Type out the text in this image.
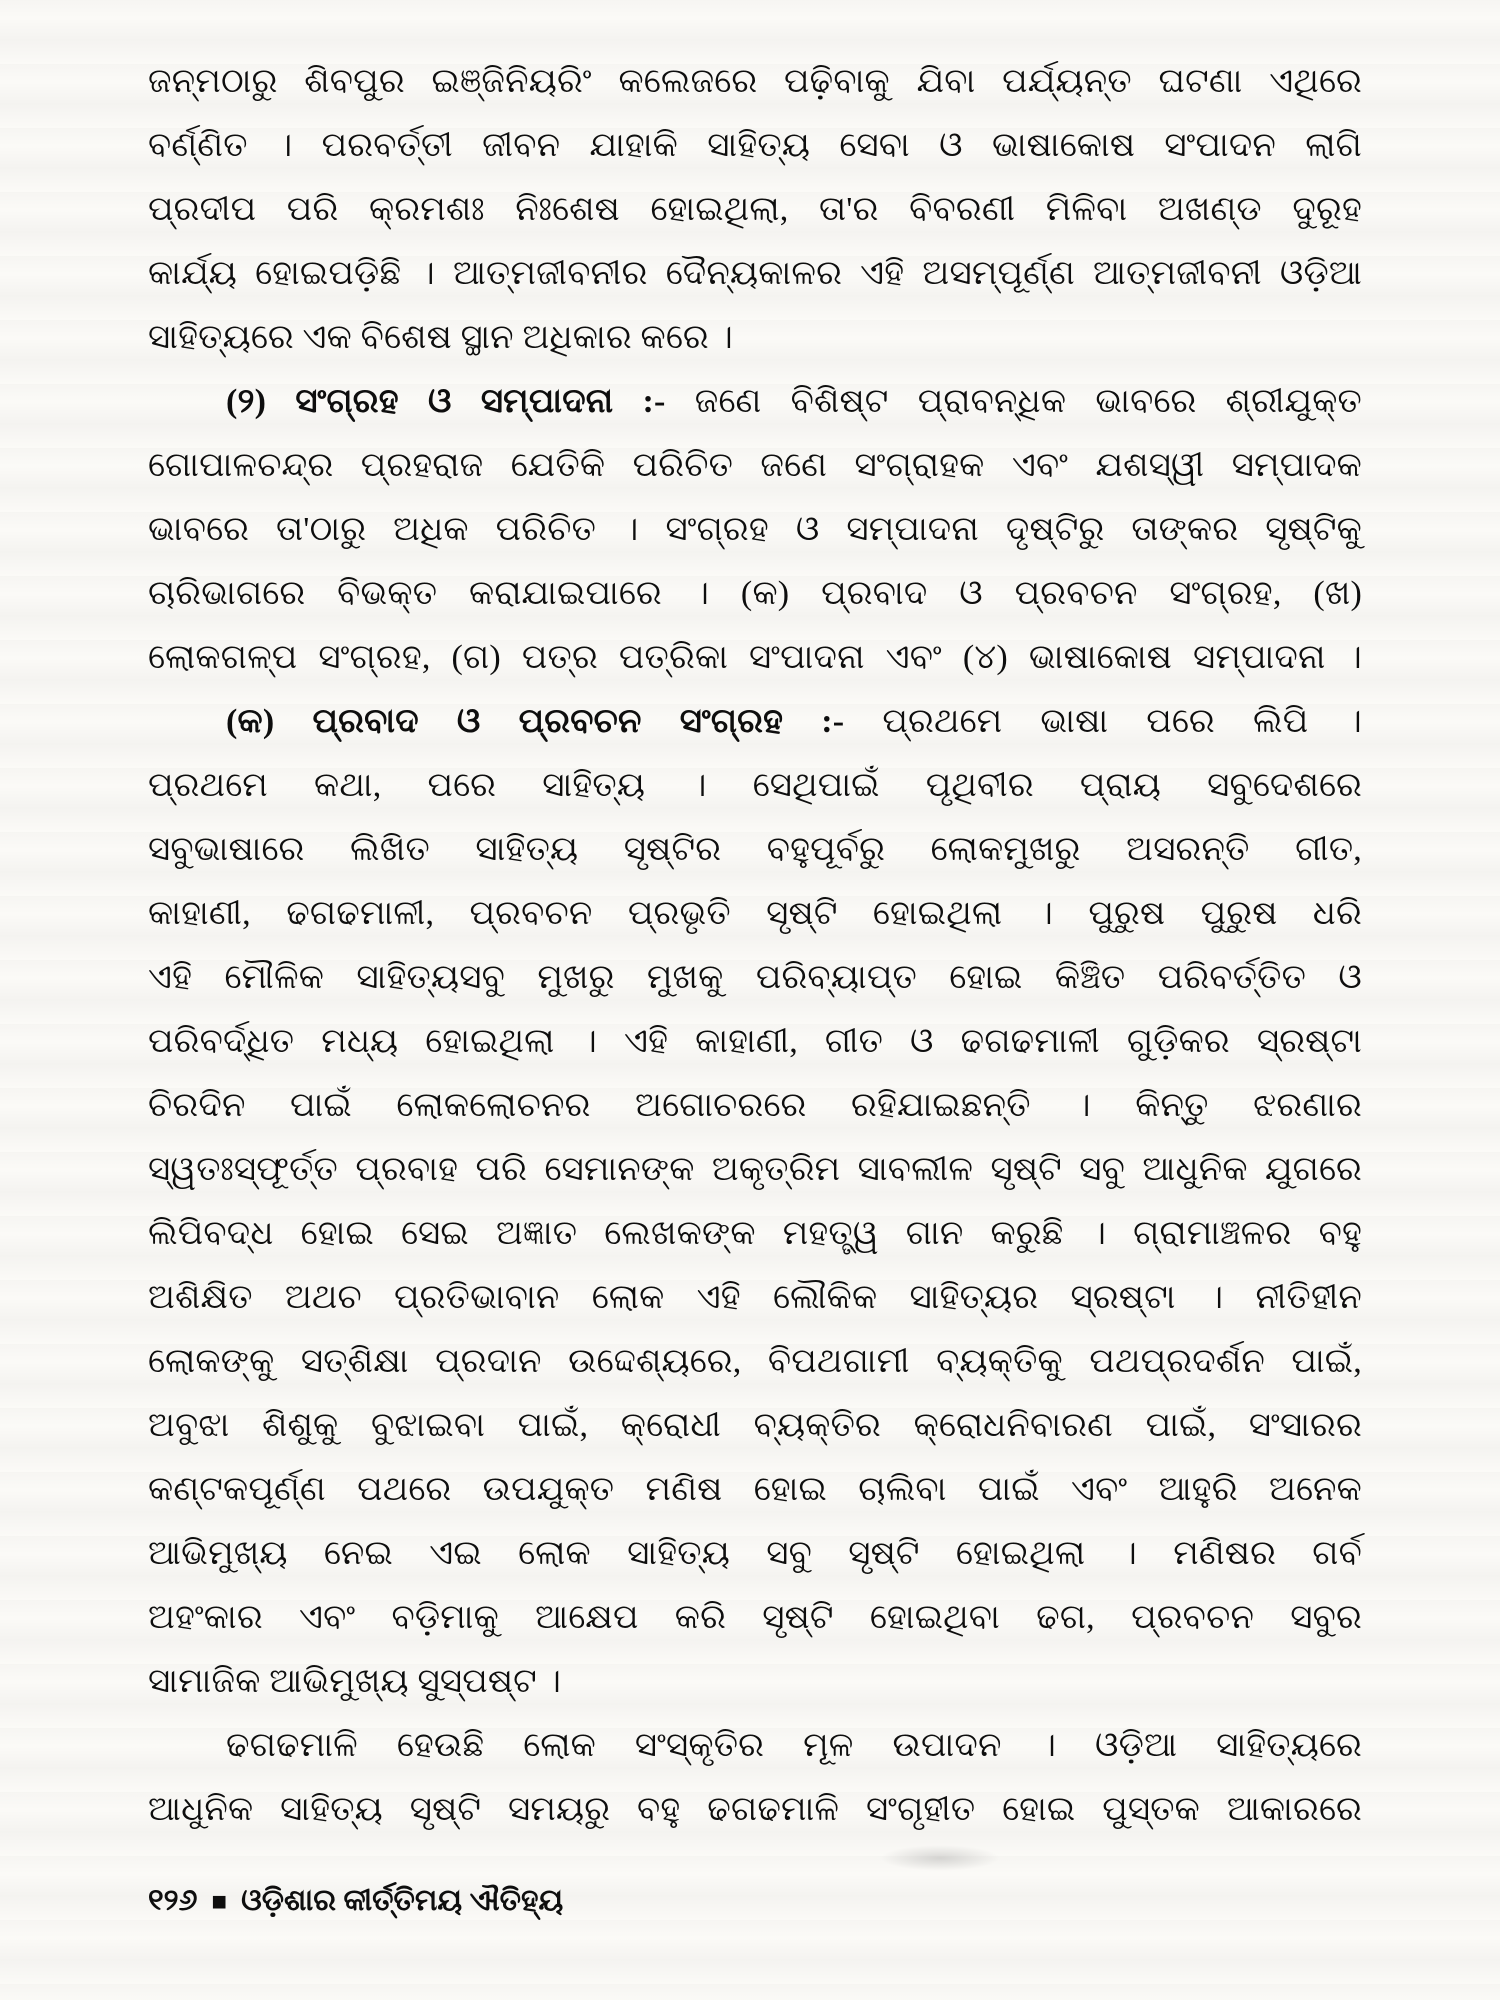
ଜନ୍ମଠାରୁ ଶିବପୁର ଇଞ୍ଜିନିୟରିଂ କଲେଜରେ ପଢ଼ିବାକୁ ଯିବା ପର୍ଯ୍ୟନ୍ତ ଘଟଣା ଏଥିରେ
ବର୍ଣ୍ଣିତ । ପରବର୍ତ୍ତୀ ଜୀବନ ଯାହାକି ସାହିତ୍ୟ ସେବା ଓ ଭାଷାକୋଷ ସଂପାଦନ ଲାଗି
ପ୍ରଦୀପ ପରି କ୍ରମଶଃ ନିଃଶେଷ ହୋଇଥିଲା, ତା'ର ବିବରଣୀ ମିଳିବା ଅଖଣ୍ଡ ଦୁରୂହ
କାର୍ଯ୍ୟ ହୋଇପଡ଼ିଛି । ଆତ୍ମଜୀବନୀର ଦୈନ୍ୟକାଳର ଏହି ଅସମ୍ପୂର୍ଣ୍ଣ ଆତ୍ମଜୀବନୀ ଓଡ଼ିଆ
ସାହିତ୍ୟରେ ଏକ ବିଶେଷ ସ୍ଥାନ ଅଧିକାର କରେ ।
(୨) ସଂଗ୍ରହ ଓ ସମ୍ପାଦନା :- ଜଣେ ବିଶିଷ୍ଟ ପ୍ରାବନ୍ଧିକ ଭାବରେ ଶ୍ରୀଯୁକ୍ତ
ଗୋପାଳଚନ୍ଦ୍ର ପ୍ରହରାଜ ଯେତିକି ପରିଚିତ ଜଣେ ସଂଗ୍ରାହକ ଏବଂ ଯଶସ୍ୱୀ ସମ୍ପାଦକ
ଭାବରେ ତା'ଠାରୁ ଅଧିକ ପରିଚିତ । ସଂଗ୍ରହ ଓ ସମ୍ପାଦନା ଦୃଷ୍ଟିରୁ ତାଙ୍କର ସୃଷ୍ଟିକୁ
ଚାରିଭାଗରେ ବିଭକ୍ତ କରାଯାଇପାରେ । (କ) ପ୍ରବାଦ ଓ ପ୍ରବଚନ ସଂଗ୍ରହ, (ଖ)
ଲୋକଗଳ୍ପ ସଂଗ୍ରହ, (ଗ) ପତ୍ର ପତ୍ରିକା ସଂପାଦନା ଏବଂ (୪) ଭାଷାକୋଷ ସମ୍ପାଦନା ।
(କ) ପ୍ରବାଦ ଓ ପ୍ରବଚନ ସଂଗ୍ରହ :- ପ୍ରଥମେ ଭାଷା ପରେ ଲିପି ।
ପ୍ରଥମେ କଥା, ପରେ ସାହିତ୍ୟ । ସେଥିପାଇଁ ପୃଥିବୀର ପ୍ରାୟ ସବୁଦେଶରେ
ସବୁଭାଷାରେ ଲିଖିତ ସାହିତ୍ୟ ସୃଷ୍ଟିର ବହୁପୂର୍ବରୁ ଲୋକମୁଖରୁ ଅସରନ୍ତି ଗୀତ,
କାହାଣୀ, ଢଗଢମାଳୀ, ପ୍ରବଚନ ପ୍ରଭୃତି ସୃଷ୍ଟି ହୋଇଥିଲା । ପୁରୁଷ ପୁରୁଷ ଧରି
ଏହି ମୌଳିକ ସାହିତ୍ୟସବୁ ମୁଖରୁ ମୁଖକୁ ପରିବ୍ୟାପ୍ତ ହୋଇ କିଞ୍ଚିତ ପରିବର୍ତ୍ତିତ ଓ
ପରିବର୍ଦ୍ଧିତ ମଧ୍ୟ ହୋଇଥିଲା । ଏହି କାହାଣୀ, ଗୀତ ଓ ଢଗଢମାଳୀ ଗୁଡ଼ିକର ସ୍ରଷ୍ଟା
ଚିରଦିନ ପାଇଁ ଲୋକଲୋଚନର ଅଗୋଚରରେ ରହିଯାଇଛନ୍ତି । କିନ୍ତୁ ଝରଣାର
ସ୍ୱତଃସ୍ଫୂର୍ତ୍ତ ପ୍ରବାହ ପରି ସେମାନଙ୍କ ଅକୃତ୍ରିମ ସାବଲୀଳ ସୃଷ୍ଟି ସବୁ ଆଧୁନିକ ଯୁଗରେ
ଲିପିବଦ୍ଧ ହୋଇ ସେଇ ଅଜ୍ଞାତ ଲେଖକଙ୍କ ମହତ୍ତ୍ୱ ଗାନ କରୁଛି । ଗ୍ରାମାଞ୍ଚଳର ବହୁ
ଅଶିକ୍ଷିତ ଅଥଚ ପ୍ରତିଭାବାନ ଲୋକ ଏହି ଲୌକିକ ସାହିତ୍ୟର ସ୍ରଷ୍ଟା । ନୀତିହୀନ
ଲୋକଙ୍କୁ ସତ୍ଶିକ୍ଷା ପ୍ରଦାନ ଉଦ୍ଦେଶ୍ୟରେ, ବିପଥଗାମୀ ବ୍ୟକ୍ତିକୁ ପଥପ୍ରଦର୍ଶନ ପାଇଁ,
ଅବୁଝା ଶିଶୁକୁ ବୁଝାଇବା ପାଇଁ, କ୍ରୋଧୀ ବ୍ୟକ୍ତିର କ୍ରୋଧନିବାରଣ ପାଇଁ, ସଂସାରର
କଣ୍ଟକପୂର୍ଣ୍ଣ ପଥରେ ଉପଯୁକ୍ତ ମଣିଷ ହୋଇ ଚାଲିବା ପାଇଁ ଏବଂ ଆହୁରି ଅନେକ
ଆଭିମୁଖ୍ୟ ନେଇ ଏଇ ଲୋକ ସାହିତ୍ୟ ସବୁ ସୃଷ୍ଟି ହୋଇଥିଲା । ମଣିଷର ଗର୍ବ
ଅହଂକାର ଏବଂ ବଡ଼ିମାକୁ ଆକ୍ଷେପ କରି ସୃଷ୍ଟି ହୋଇଥିବା ଢଗ, ପ୍ରବଚନ ସବୁର
ସାମାଜିକ ଆଭିମୁଖ୍ୟ ସୁସ୍ପଷ୍ଟ ।
ଢଗଢମାଳି ହେଉଛି ଲୋକ ସଂସ୍କୃତିର ମୂଳ ଉପାଦନ । ଓଡ଼ିଆ ସାହିତ୍ୟରେ
ଆଧୁନିକ ସାହିତ୍ୟ ସୃଷ୍ଟି ସମୟରୁ ବହୁ ଢଗଢମାଳି ସଂଗୃହୀତ ହୋଇ ପୁସ୍ତକ ଆକାରରେ
୧୨୬ ■ ଓଡ଼ିଶାର କୀର୍ତ୍ତିମୟ ଐତିହ୍ୟ
